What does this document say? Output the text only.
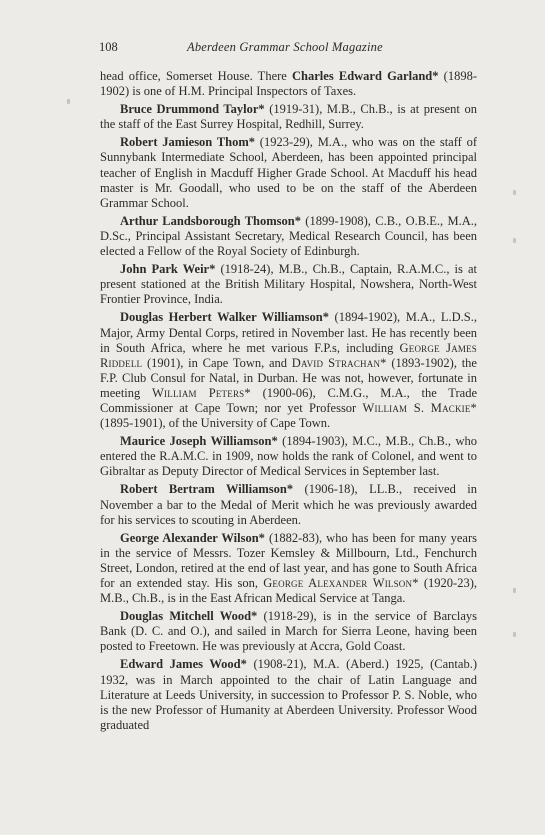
108	Aberdeen Grammar School Magazine

head office, Somerset House. There Charles Edward Garland* (1898-1902) is one of H.M. Principal Inspectors of Taxes.

Bruce Drummond Taylor* (1919-31), M.B., Ch.B., is at present on the staff of the East Surrey Hospital, Redhill, Surrey.

Robert Jamieson Thom* (1923-29), M.A., who was on the staff of Sunnybank Intermediate School, Aberdeen, has been appointed principal teacher of English in Macduff Higher Grade School. At Macduff his head master is Mr. Goodall, who used to be on the staff of the Aberdeen Grammar School.

Arthur Landsborough Thomson* (1899-1908), C.B., O.B.E., M.A., D.Sc., Principal Assistant Secretary, Medical Research Council, has been elected a Fellow of the Royal Society of Edinburgh.

John Park Weir* (1918-24), M.B., Ch.B., Captain, R.A.M.C., is at present stationed at the British Military Hospital, Nowshera, North-West Frontier Province, India.

Douglas Herbert Walker Williamson* (1894-1902), M.A., L.D.S., Major, Army Dental Corps, retired in November last. He has recently been in South Africa, where he met various F.P.s, including George James Riddell (1901), in Cape Town, and David Strachan* (1893-1902), the F.P. Club Consul for Natal, in Durban. He was not, however, fortunate in meeting William Peters* (1900-06), C.M.G., M.A., the Trade Commissioner at Cape Town; nor yet Professor William S. Mackie* (1895-1901), of the University of Cape Town.

Maurice Joseph Williamson* (1894-1903), M.C., M.B., Ch.B., who entered the R.A.M.C. in 1909, now holds the rank of Colonel, and went to Gibraltar as Deputy Director of Medical Services in September last.

Robert Bertram Williamson* (1906-18), LL.B., received in November a bar to the Medal of Merit which he was previously awarded for his services to scouting in Aberdeen.

George Alexander Wilson* (1882-83), who has been for many years in the service of Messrs. Tozer Kemsley & Millbourn, Ltd., Fenchurch Street, London, retired at the end of last year, and has gone to South Africa for an extended stay. His son, George Alexander Wilson* (1920-23), M.B., Ch.B., is in the East African Medical Service at Tanga.

Douglas Mitchell Wood* (1918-29), is in the service of Barclays Bank (D. C. and O.), and sailed in March for Sierra Leone, having been posted to Freetown. He was previously at Accra, Gold Coast.

Edward James Wood* (1908-21), M.A. (Aberd.) 1925, (Cantab.) 1932, was in March appointed to the chair of Latin Language and Literature at Leeds University, in succession to Professor P. S. Noble, who is the new Professor of Humanity at Aberdeen University. Professor Wood graduated
